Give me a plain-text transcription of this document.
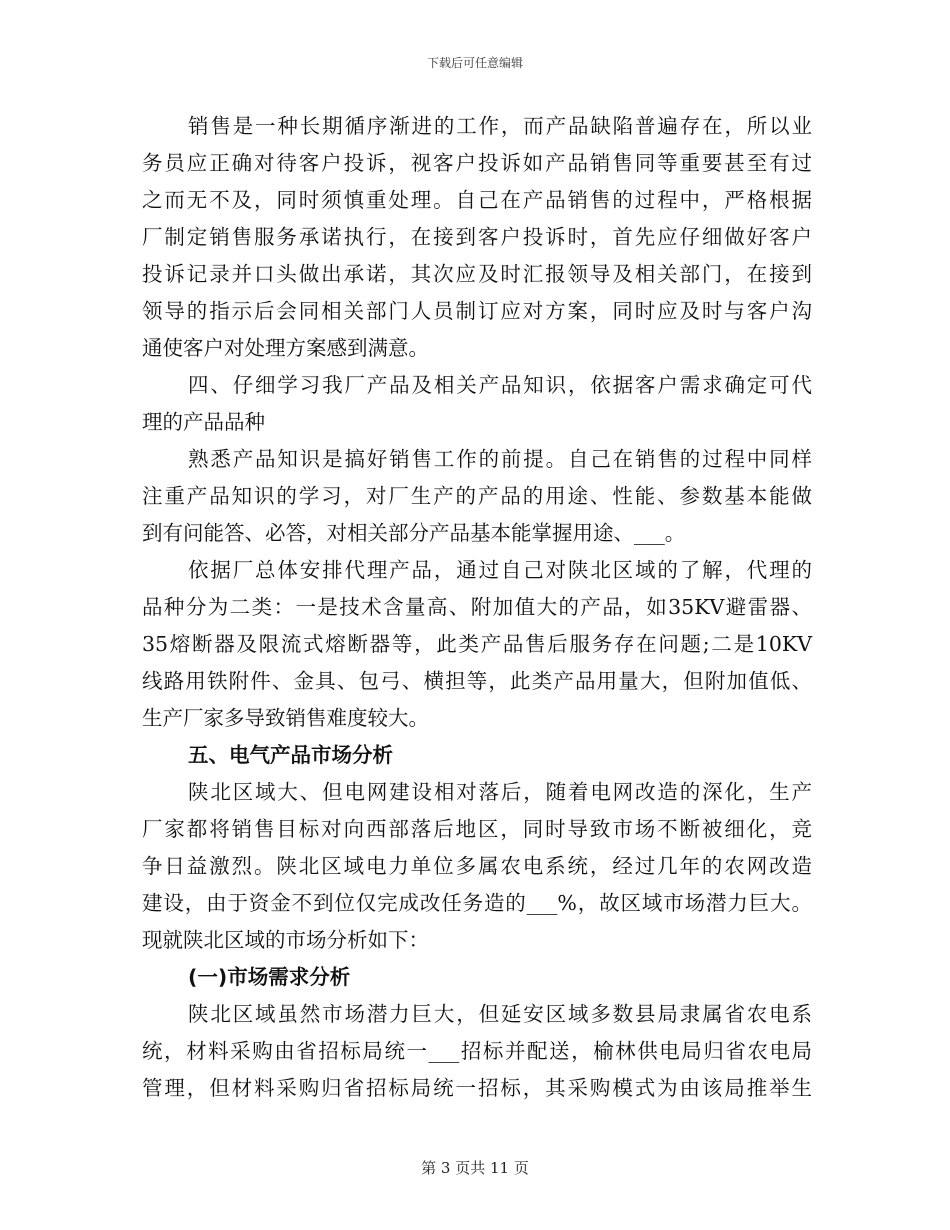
下载后可任意编辑
销售是一种长期循序渐进的工作，而产品缺陷普遍存在，所以业
务员应正确对待客户投诉，视客户投诉如产品销售同等重要甚至有过
之而无不及，同时须慎重处理。自己在产品销售的过程中，严格根据
厂制定销售服务承诺执行，在接到客户投诉时，首先应仔细做好客户
投诉记录并口头做出承诺，其次应及时汇报领导及相关部门，在接到
领导的指示后会同相关部门人员制订应对方案，同时应及时与客户沟
通使客户对处理方案感到满意。
四、仔细学习我厂产品及相关产品知识，依据客户需求确定可代
理的产品品种
熟悉产品知识是搞好销售工作的前提。自己在销售的过程中同样
注重产品知识的学习，对厂生产的产品的用途、性能、参数基本能做
到有问能答、必答，对相关部分产品基本能掌握用途、___。
依据厂总体安排代理产品，通过自己对陕北区域的了解，代理的
品种分为二类：一是技术含量高、附加值大的产品，如35KV避雷器、
35熔断器及限流式熔断器等，此类产品售后服务存在问题;二是10KV
线路用铁附件、金具、包弓、横担等，此类产品用量大，但附加值低、
生产厂家多导致销售难度较大。
五、电气产品市场分析
陕北区域大、但电网建设相对落后，随着电网改造的深化，生产
厂家都将销售目标对向西部落后地区，同时导致市场不断被细化，竞
争日益激烈。陕北区域电力单位多属农电系统，经过几年的农网改造
建设，由于资金不到位仅完成改任务造的___%，故区域市场潜力巨大。
现就陕北区域的市场分析如下：
(一)市场需求分析
陕北区域虽然市场潜力巨大，但延安区域多数县局隶属省农电系
统，材料采购由省招标局统一___招标并配送，榆林供电局归省农电局
管理，但材料采购归省招标局统一招标，其采购模式为由该局推举生
第 3 页共 11 页
